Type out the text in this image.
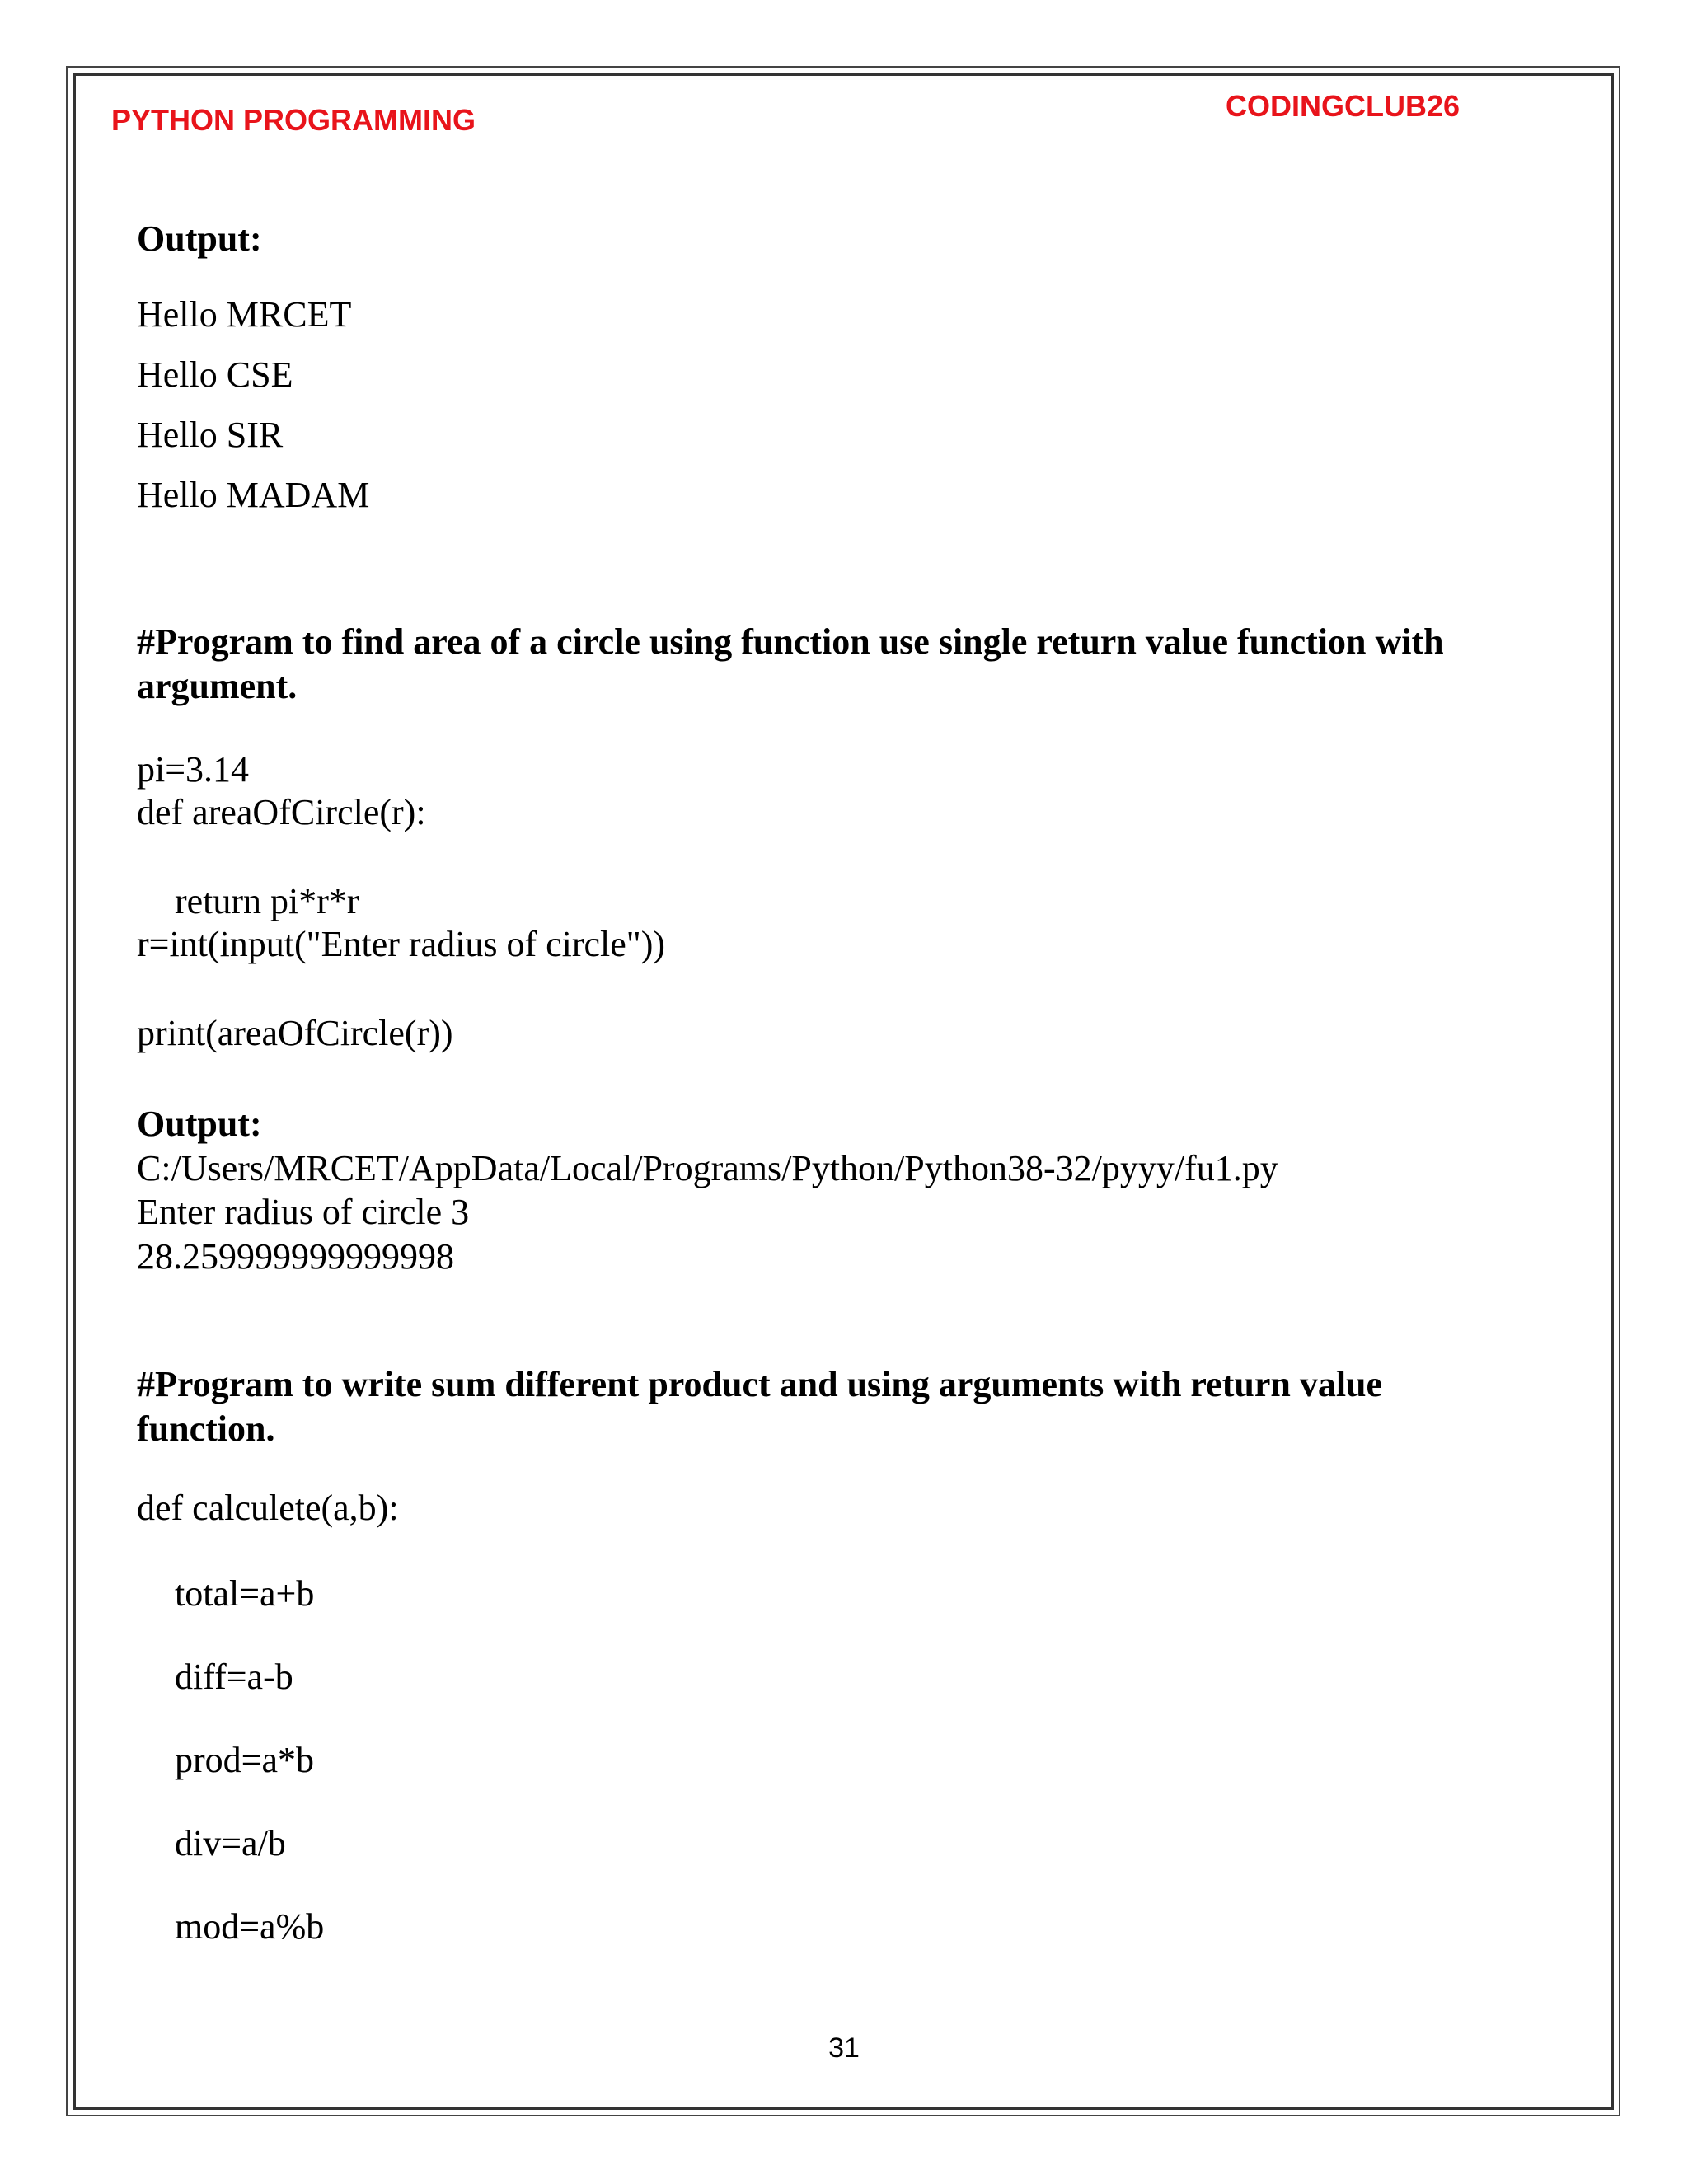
PYTHON PROGRAMMING	CODINGCLUB26
Output:
Hello MRCET
Hello CSE
Hello SIR
Hello MADAM
#Program to find area of a circle using function use single return value function with
argument.
pi=3.14
def areaOfCircle(r):
return pi*r*r
r=int(input("Enter radius of circle"))
print(areaOfCircle(r))
Output:
C:/Users/MRCET/AppData/Local/Programs/Python/Python38-32/pyyy/fu1.py
Enter radius of circle 3
28.259999999999998
#Program to write sum different product and using arguments with return value
function.
def calculete(a,b):
total=a+b
diff=a-b
prod=a*b
div=a/b
mod=a%b
31
